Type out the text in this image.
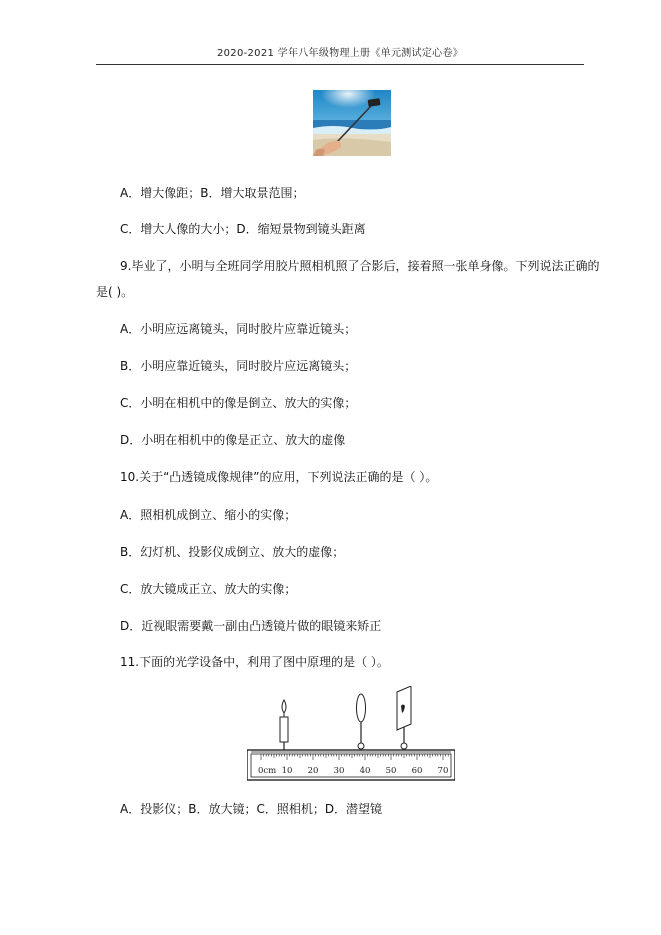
2020-2021 学年八年级物理上册《单元测试定心卷》
A．增大像距；B．增大取景范围；
C．增大人像的大小；D．缩短景物到镜头距离
9.毕业了，小明与全班同学用胶片照相机照了合影后，接着照一张单身像。下列说法正确的
是( )。
A．小明应远离镜头，同时胶片应靠近镜头；
B．小明应靠近镜头，同时胶片应远离镜头；
C．小明在相机中的像是倒立、放大的实像；
D．小明在相机中的像是正立、放大的虚像
10.关于“凸透镜成像规律”的应用，下列说法正确的是（ ）。
A．照相机成倒立、缩小的实像；
B．幻灯机、投影仪成倒立、放大的虚像；
C．放大镜成正立、放大的实像；
D．近视眼需要戴一副由凸透镜片做的眼镜来矫正
11.下面的光学设备中，利用了图中原理的是（ ）。
0cm 10 20 30 40 50 60 70
A．投影仪；B．放大镜；C．照相机；D．潜望镜
